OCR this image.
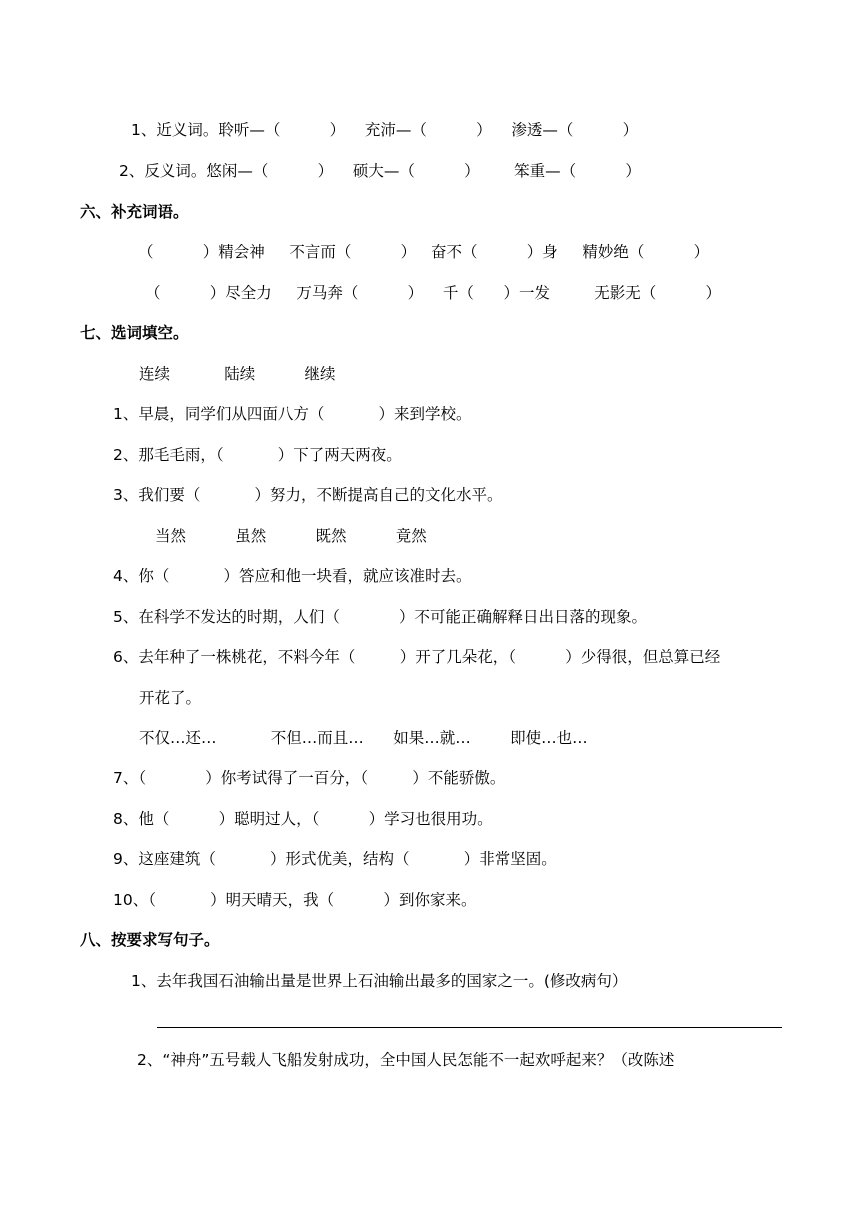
1、近义词。聆听—（          ）    充沛—（          ）    渗透—（          ）
2、反义词。悠闲—（          ）    硕大—（          ）       笨重—（          ）
六、补充词语。
（          ）精会神     不言而（          ）   奋不（          ）身     精妙绝（          ）
（          ）尽全力     万马奔（          ）    千（      ）一发         无影无（          ）
七、选词填空。
连续           陆续          继续
1、早晨，同学们从四面八方（           ）来到学校。
2、那毛毛雨，（           ）下了两天两夜。
3、我们要（           ）努力，不断提高自己的文化水平。
当然          虽然          既然          竟然
4、你（           ）答应和他一块看，就应该准时去。
5、在科学不发达的时期，人们（            ）不可能正确解释日出日落的现象。
6、去年种了一株桃花，不料今年（         ）开了几朵花，（          ）少得很，但总算已经
开花了。
不仅…还…           不但…而且…      如果…就…        即使…也…
7、（            ）你考试得了一百分，（         ）不能骄傲。
8、他（          ）聪明过人，（          ）学习也很用功。
9、这座建筑（           ）形式优美，结构（           ）非常坚固。
10、（           ）明天晴天，我（          ）到你家来。
八、按要求写句子。
1、去年我国石油输出量是世界上石油输出最多的国家之一。(修改病句）
2、“神舟”五号载人飞船发射成功，全中国人民怎能不一起欢呼起来？（改陈述
